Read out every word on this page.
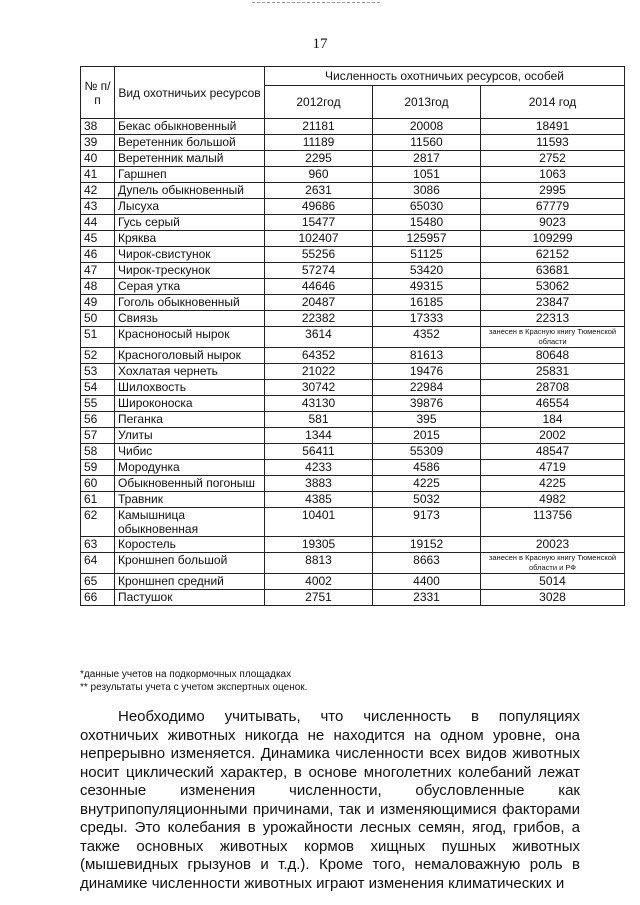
17
№ п/п	Вид охотничьих ресурсов	Численность охотничьих ресурсов, особей		
		2012год	2013год	2014 год
38	Бекас обыкновенный	21181	20008	18491
39	Веретенник большой	11189	11560	11593
40	Веретенник малый	2295	2817	2752
41	Гаршнеп	960	1051	1063
42	Дупель обыкновенный	2631	3086	2995
43	Лысуха	49686	65030	67779
44	Гусь серый	15477	15480	9023
45	Кряква	102407	125957	109299
46	Чирок-свистунок	55256	51125	62152
47	Чирок-трескунок	57274	53420	63681
48	Серая утка	44646	49315	53062
49	Гоголь обыкновенный	20487	16185	23847
50	Свиязь	22382	17333	22313
51	Красноносый нырок	3614	4352	занесен в Красную книгу Тюменской области
52	Красноголовый нырок	64352	81613	80648
53	Хохлатая чернеть	21022	19476	25831
54	Шилохвость	30742	22984	28708
55	Широконоска	43130	39876	46554
56	Пеганка	581	395	184
57	Улиты	1344	2015	2002
58	Чибис	56411	55309	48547
59	Мородунка	4233	4586	4719
60	Обыкновенный погоныш	3883	4225	4225
61	Травник	4385	5032	4982
62	Камышница обыкновенная	10401	9173	113756
63	Коростель	19305	19152	20023
64	Кроншнеп большой	8813	8663	занесен в Красную книгу Тюменской области и РФ
65	Кроншнеп средний	4002	4400	5014
66	Пастушок	2751	2331	3028
*данные учетов на подкормочных площадках
** результаты учета с учетом экспертных оценок.

Необходимо учитывать, что численность в популяциях охотничьих животных никогда не находится на одном уровне, она непрерывно изменяется. Динамика численности всех видов животных носит циклический характер, в основе многолетних колебаний лежат сезонные изменения численности, обусловленные как внутрипопуляционными причинами, так и изменяющимися факторами среды. Это колебания в урожайности лесных семян, ягод, грибов, а также основных животных кормов хищных пушных животных (мышевидных грызунов и т.д.). Кроме того, немаловажную роль в динамике численности животных играют изменения климатических и
